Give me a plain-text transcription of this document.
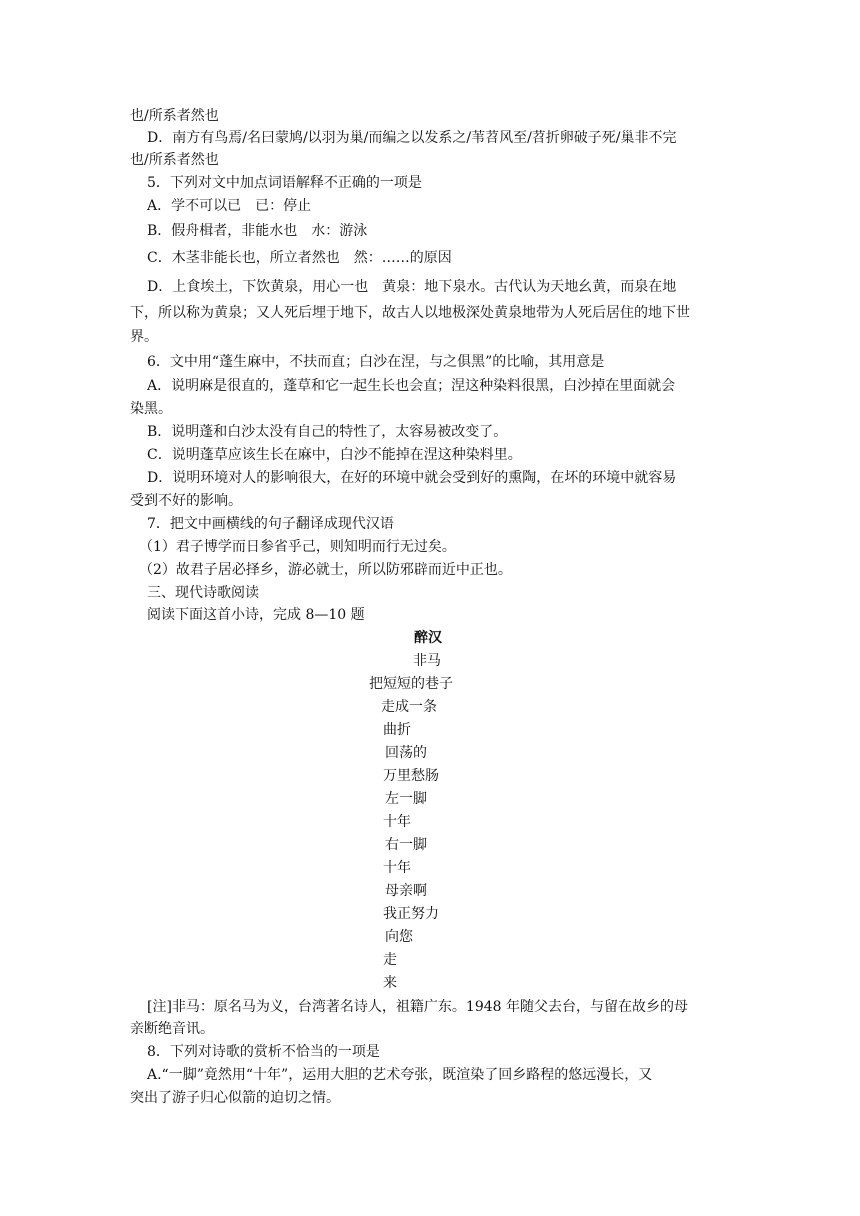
也/所系者然也
D．南方有鸟焉/名曰蒙鸠/以羽为巢/而编之以发系之/苇苕风至/苕折卵破子死/巢非不完
也/所系者然也
5．下列对文中加点词语解释不正确的一项是
A．学不可以已　已：停止
B．假舟楫者，非能水也　水：游泳
C．木茎非能长也，所立者然也　然：……的原因
D．上食埃土，下饮黄泉，用心一也　黄泉：地下泉水。古代认为天地幺黄，而泉在地
下，所以称为黄泉；又人死后埋于地下，故古人以地极深处黄泉地带为人死后居住的地下世
界。
6．文中用“蓬生麻中，不扶而直；白沙在涅，与之俱黑”的比喻，其用意是
A．说明麻是很直的，蓬草和它一起生长也会直；涅这种染料很黑，白沙掉在里面就会
染黑。
B．说明蓬和白沙太没有自己的特性了，太容易被改变了。
C．说明蓬草应该生长在麻中，白沙不能掉在涅这种染料里。
D．说明环境对人的影响很大，在好的环境中就会受到好的熏陶，在坏的环境中就容易
受到不好的影响。
7．把文中画横线的句子翻译成现代汉语
（1）君子博学而日参省乎己，则知明而行无过矣。
（2）故君子居必择乡，游必就士，所以防邪辟而近中正也。
三、现代诗歌阅读
阅读下面这首小诗，完成 8—10 题
醉汉
非马
把短短的巷子
走成一条
曲折
回荡的
万里愁肠
左一脚
十年
右一脚
十年
母亲啊
我正努力
向您
走
来
[注]非马：原名马为义，台湾著名诗人，祖籍广东。1948 年随父去台，与留在故乡的母
亲断绝音讯。
8．下列对诗歌的赏析不恰当的一项是
A.“一脚”竟然用“十年”，运用大胆的艺术夸张，既渲染了回乡路程的悠远漫长，又
突出了游子归心似箭的迫切之情。
